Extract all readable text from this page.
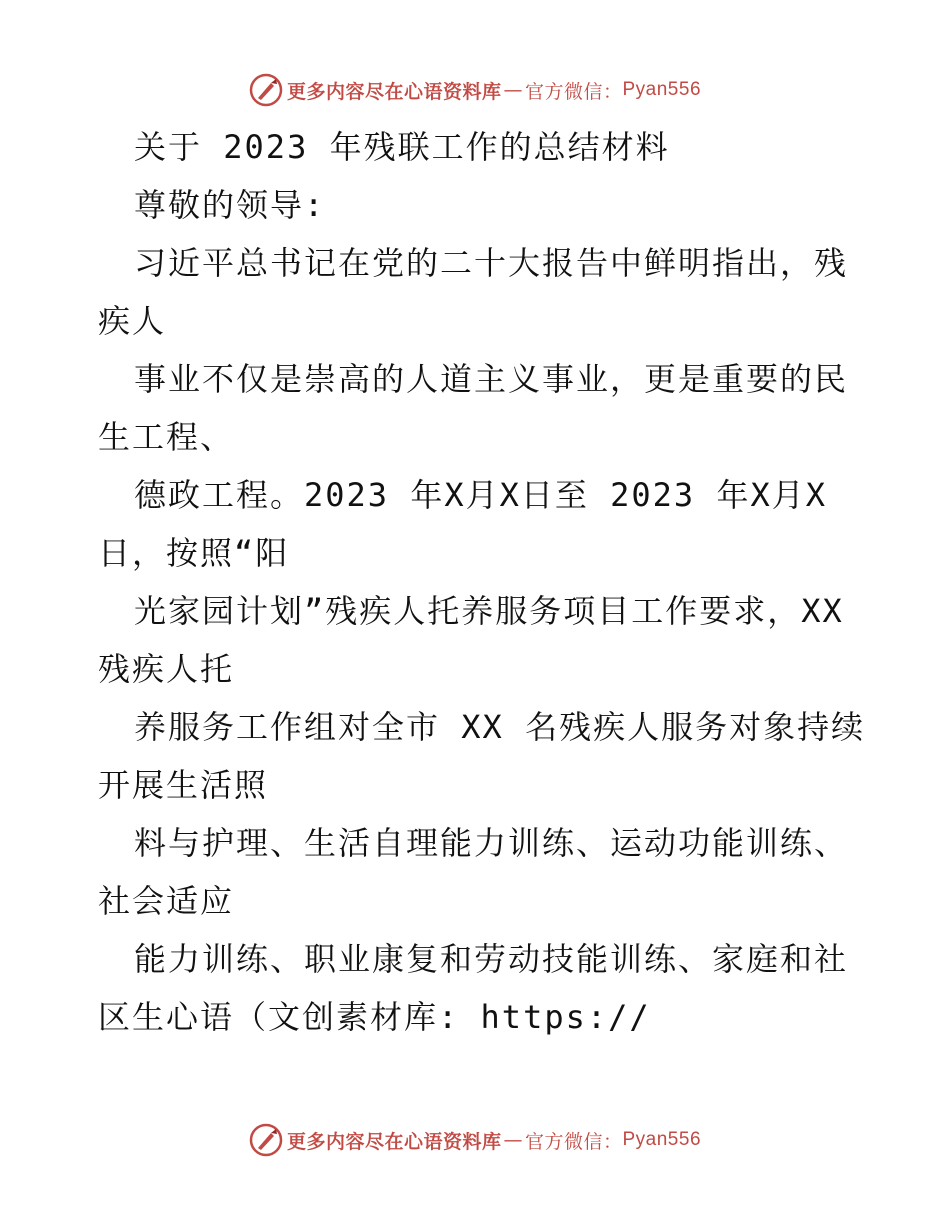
更多内容尽在心语资料库 — 官方微信： Pyan556
关于 2023 年残联工作的总结材料
尊敬的领导:
习近平总书记在党的二十大报告中鲜明指出，残
疾人
事业不仅是崇高的人道主义事业，更是重要的民
生工程、
德政工程。2023 年X月X日至 2023 年X月X
日，按照“阳
光家园计划”残疾人托养服务项目工作要求，XX
残疾人托
养服务工作组对全市 XX 名残疾人服务对象持续
开展生活照
料与护理、生活自理能力训练、运动功能训练、
社会适应
能力训练、职业康复和劳动技能训练、家庭和社
区生心语（文创素材库: https://
更多内容尽在心语资料库 — 官方微信： Pyan556
